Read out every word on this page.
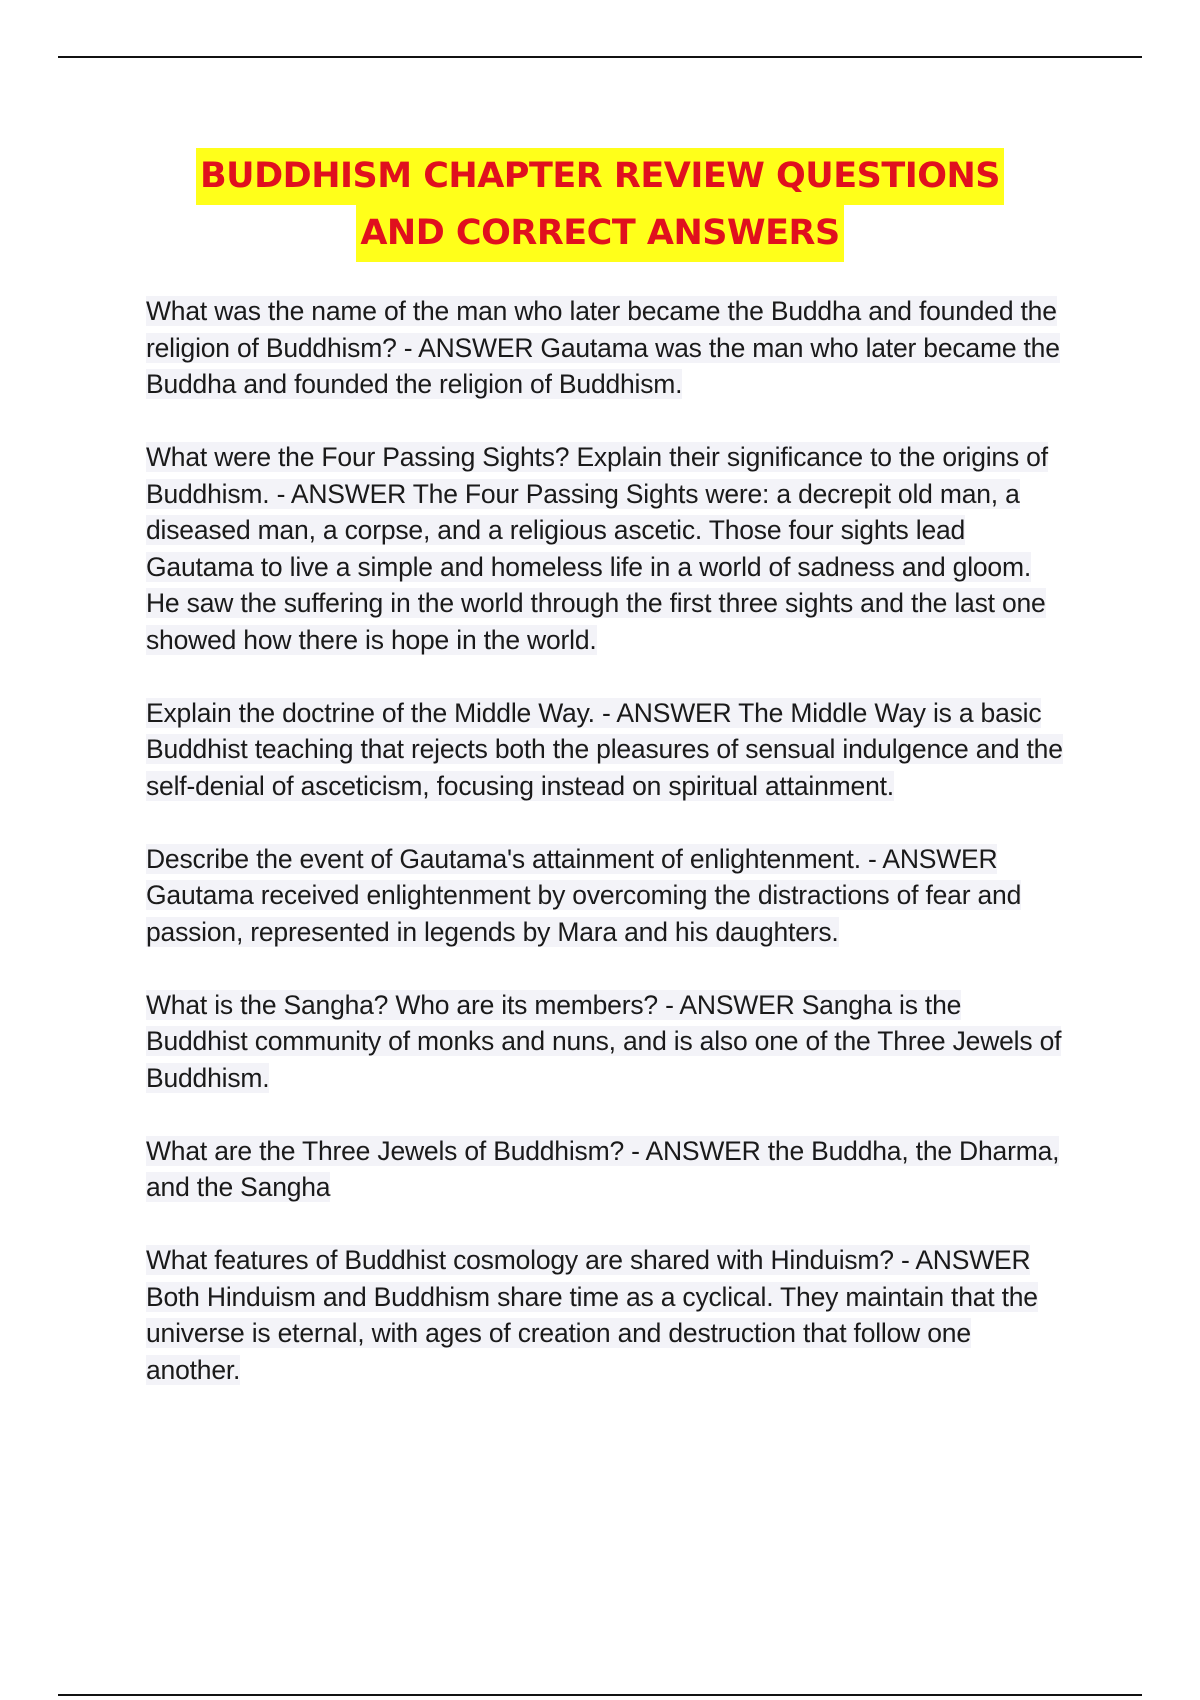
BUDDHISM CHAPTER REVIEW QUESTIONS
AND CORRECT ANSWERS

What was the name of the man who later became the Buddha and founded the religion of Buddhism? - ANSWER Gautama was the man who later became the Buddha and founded the religion of Buddhism.

What were the Four Passing Sights? Explain their significance to the origins of Buddhism. - ANSWER The Four Passing Sights were: a decrepit old man, a diseased man, a corpse, and a religious ascetic. Those four sights lead Gautama to live a simple and homeless life in a world of sadness and gloom. He saw the suffering in the world through the first three sights and the last one showed how there is hope in the world.

Explain the doctrine of the Middle Way. - ANSWER The Middle Way is a basic Buddhist teaching that rejects both the pleasures of sensual indulgence and the self-denial of asceticism, focusing instead on spiritual attainment.

Describe the event of Gautama's attainment of enlightenment. - ANSWER Gautama received enlightenment by overcoming the distractions of fear and passion, represented in legends by Mara and his daughters.

What is the Sangha? Who are its members? - ANSWER Sangha is the Buddhist community of monks and nuns, and is also one of the Three Jewels of Buddhism.

What are the Three Jewels of Buddhism? - ANSWER the Buddha, the Dharma, and the Sangha

What features of Buddhist cosmology are shared with Hinduism? - ANSWER Both Hinduism and Buddhism share time as a cyclical. They maintain that the universe is eternal, with ages of creation and destruction that follow one another.
